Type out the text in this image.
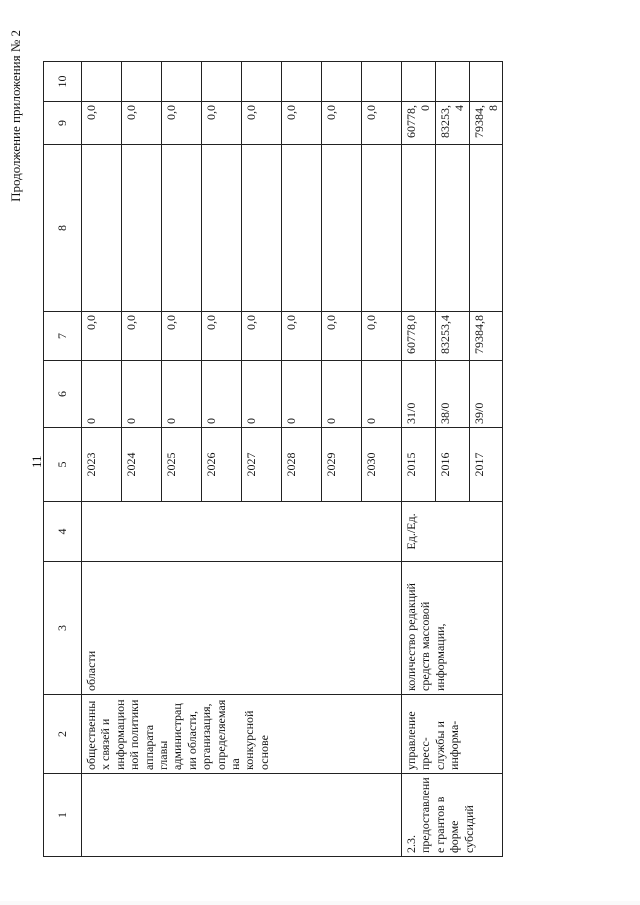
11
Продолжение приложения № 2
1	2	3	4	5	6	7	8	9	10	
	общественных связей и информационной политики аппарата главы администрации области, организация, определяемая на конкурсной основе	области		2023	0	0,0		0,0		
				2024	0	0,0		0,0		
				2025	0	0,0		0,0		
				2026	0	0,0		0,0		
				2027	0	0,0		0,0		
				2028	0	0,0		0,0		
				2029	0	0,0		0,0		
				2030	0	0,0		0,0		
2.3. предоставление грантов в форме субсидий	управление пресс-службы и информа-	количество редакций средств массовой информации,	Ед./Ед.	2015	31/0	60778,0		60778,0		
				2016	38/0	83253,4		83253,4		
				2017	39/0	79384,8		79384,8		
